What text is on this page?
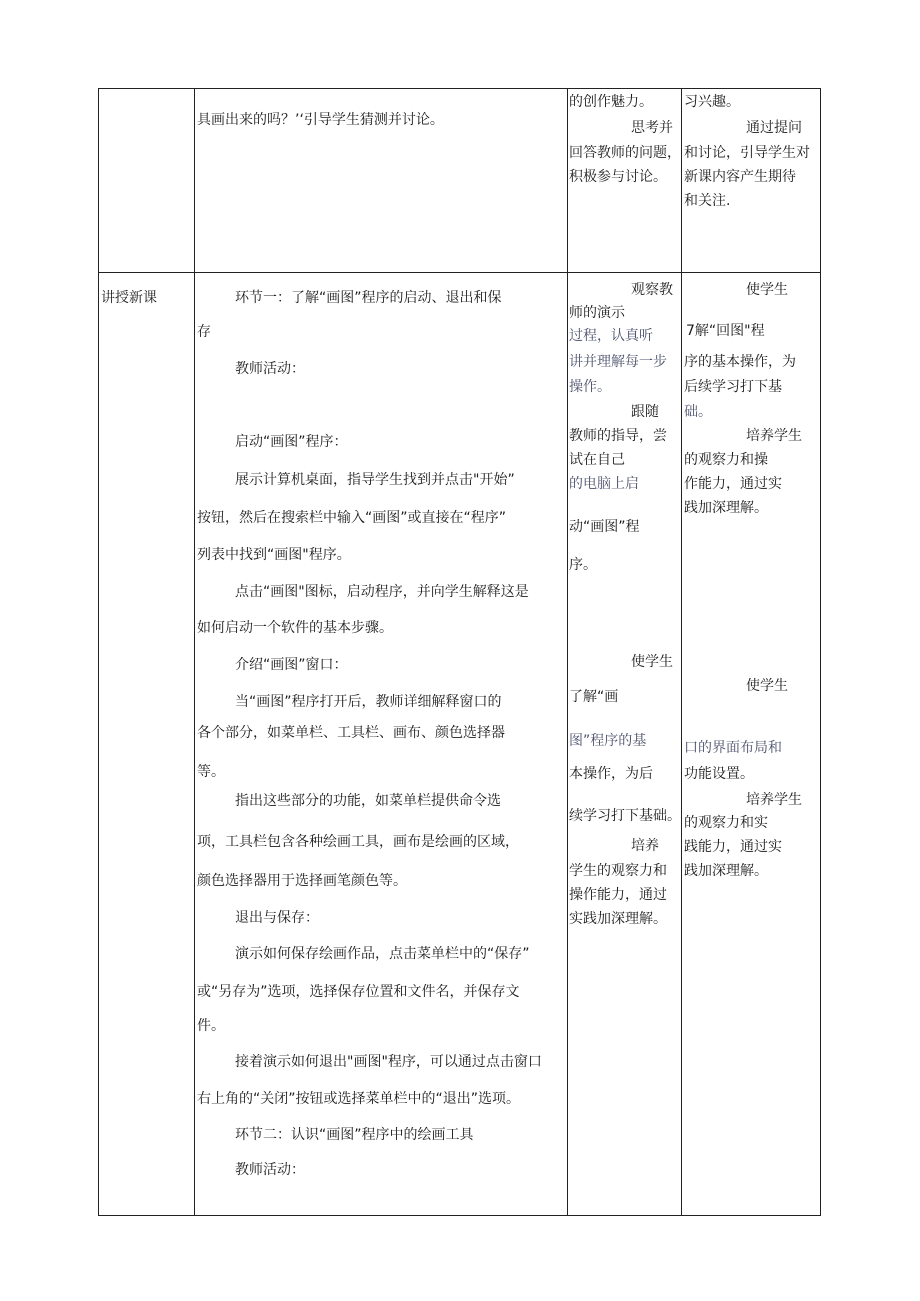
具画出来的吗？’‘引导学生猜测并讨论。
的创作魅力。
思考并
回答教师的问题，
积极参与讨论。
习兴趣。
通过提问
和讨论，引导学生对
新课内容产生期待
和关注.
讲授新课	环节一：了解“画图”程序的启动、退出和保
存
教师活动：
启动“画图”程序：
展示计算机桌面，指导学生找到并点击"开始”
按钮，然后在搜索栏中输入“画图”或直接在“程序”
列表中找到“画图"程序。
点击“画图"图标，启动程序，并向学生解释这是
如何启动一个软件的基本步骤。
介绍“画图”窗口：
当“画图”程序打开后，教师详细解释窗口的
各个部分，如菜单栏、工具栏、画布、颜色选择器
等。
指出这些部分的功能，如菜单栏提供命令选
项，工具栏包含各种绘画工具，画布是绘画的区域，
颜色选择器用于选择画笔颜色等。
退出与保存：
演示如何保存绘画作品，点击菜单栏中的“保存”
或“另存为”选项，选择保存位置和文件名，并保存文
件。
接着演示如何退出"画图"程序，可以通过点击窗口
右上角的“关闭”按钮或选择菜单栏中的“退出”选项。
环节二：认识“画图”程序中的绘画工具
教师活动：
观察教
师的演示
过程，认真听
讲并理解每一步
操作。
跟随
教师的指导，尝
试在自己
的电脑上启
动“画图”程
序。
使学生
了解“画
图”程序的基
本操作，为后
续学习打下基础。
培养
学生的观察力和
操作能力，通过
实践加深理解。
使学生
7解“回图"程
序的基本操作，为
后续学习打下基
础。
培养学生
的观察力和操
作能力，通过实
践加深理解。
使学生
口的界面布局和
功能设置。
培养学生
的观察力和实
践能力，通过实
践加深理解。
